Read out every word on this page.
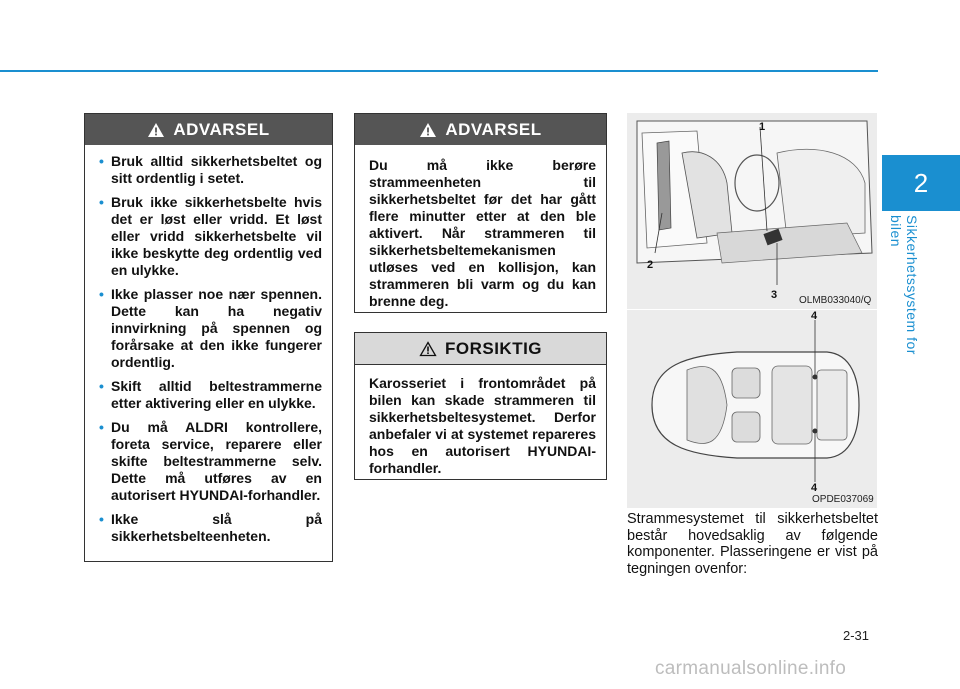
2
Sikkerhetssystem for bilen
ADVARSEL
• Bruk alltid sikkerhetsbeltet og sitt ordentlig i setet.
• Bruk ikke sikkerhetsbelte hvis det er løst eller vridd. Et løst eller vridd sikkerhetsbelte vil ikke beskytte deg ordentlig ved en ulykke.
• Ikke plasser noe nær spennen. Dette kan ha negativ innvirkning på spennen og forårsake at den ikke fungerer ordentlig.
• Skift alltid beltestrammerne etter aktivering eller en ulykke.
• Du må ALDRI kontrollere, foreta service, reparere eller skifte beltestrammerne selv. Dette må utføres av en autorisert HYUNDAI-forhandler.
• Ikke slå på sikkerhetsbelteenheten.
ADVARSEL
Du må ikke berøre strammeenheten til sikkerhetsbeltet før det har gått flere minutter etter at den ble aktivert. Når strammeren til sikkerhetsbeltemekanismen utløses ved en kollisjon, kan strammeren bli varm og du kan brenne deg.
FORSIKTIG
Karosseriet i frontområdet på bilen kan skade strammeren til sikkerhetsbeltesystemet. Derfor anbefaler vi at systemet repareres hos en autorisert HYUNDAI-forhandler.
1
2
3 OLMB033040/Q
4
4
OPDE037069
Strammesystemet til sikkerhetsbeltet består hovedsaklig av følgende komponenter. Plasseringene er vist på tegningen ovenfor:
2-31
carmanualsonline.info
